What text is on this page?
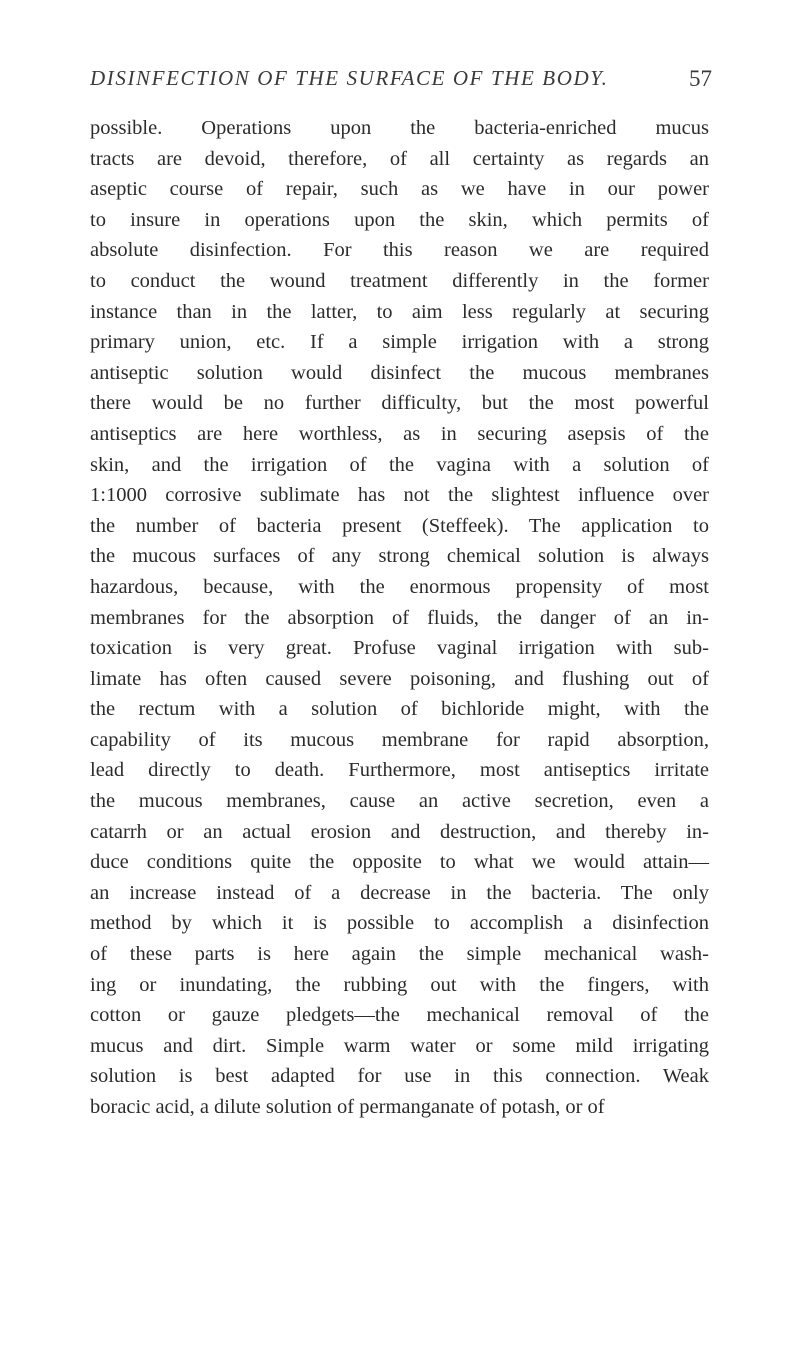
DISINFECTION OF THE SURFACE OF THE BODY.	57
possible. Operations upon the bacteria-enriched mucus
tracts are devoid, therefore, of all certainty as regards an
aseptic course of repair, such as we have in our power
to insure in operations upon the skin, which permits of
absolute disinfection. For this reason we are required
to conduct the wound treatment differently in the former
instance than in the latter, to aim less regularly at securing
primary union, etc. If a simple irrigation with a strong
antiseptic solution would disinfect the mucous membranes
there would be no further difficulty, but the most powerful
antiseptics are here worthless, as in securing asepsis of the
skin, and the irrigation of the vagina with a solution of
1:1000 corrosive sublimate has not the slightest influence over
the number of bacteria present (Steffeek). The application to
the mucous surfaces of any strong chemical solution is always
hazardous, because, with the enormous propensity of most
membranes for the absorption of fluids, the danger of an in-
toxication is very great. Profuse vaginal irrigation with sub-
limate has often caused severe poisoning, and flushing out of
the rectum with a solution of bichloride might, with the
capability of its mucous membrane for rapid absorption,
lead directly to death. Furthermore, most antiseptics irritate
the mucous membranes, cause an active secretion, even a
catarrh or an actual erosion and destruction, and thereby in-
duce conditions quite the opposite to what we would attain—
an increase instead of a decrease in the bacteria. The only
method by which it is possible to accomplish a disinfection
of these parts is here again the simple mechanical wash-
ing or inundating, the rubbing out with the fingers, with
cotton or gauze pledgets—the mechanical removal of the
mucus and dirt. Simple warm water or some mild irrigating
solution is best adapted for use in this connection. Weak
boracic acid, a dilute solution of permanganate of potash, or of
